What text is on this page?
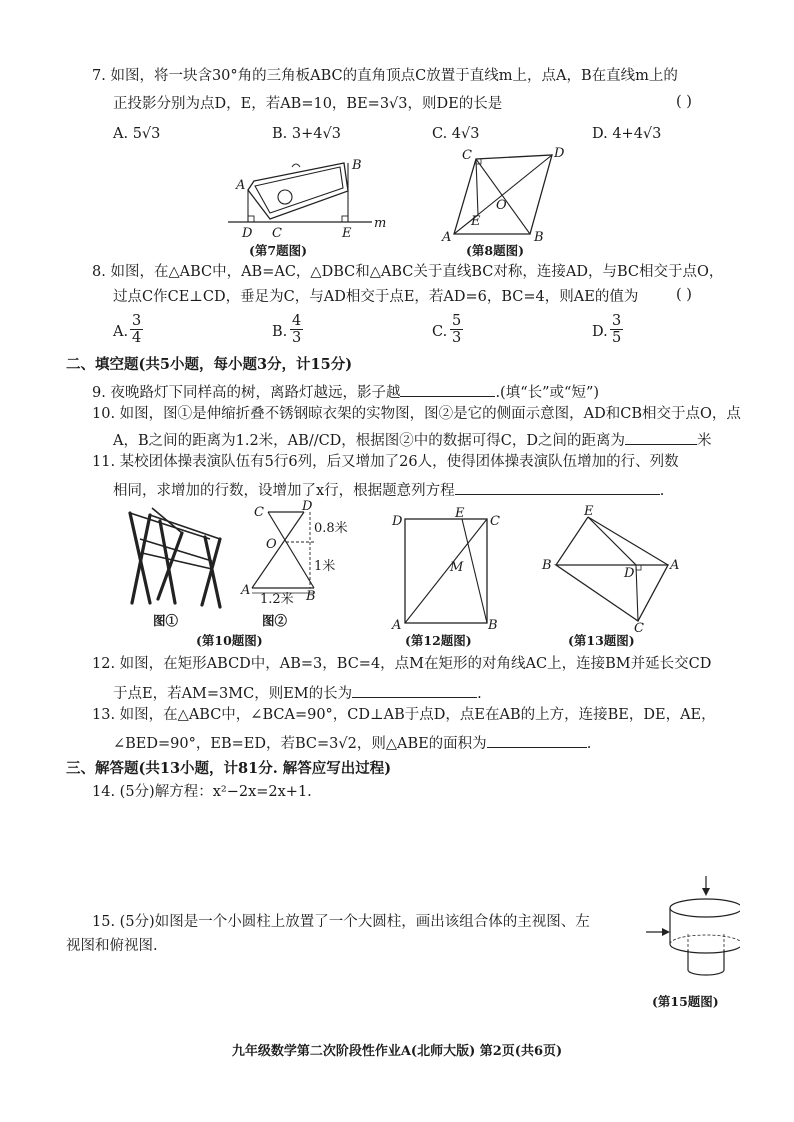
7. 如图，将一块含30°角的三角板ABC的直角顶点C放置于直线m上，点A，B在直线m上的
正投影分别为点D，E，若AB=10，BE=3√3，则DE的长是	( )
A. 5√3	B. 3+4√3	C. 4√3	D. 4+4√3
A
B
C
D	E
m
(第7题图)
C	D
A	B
E
O
(第8题图)
8. 如图，在△ABC中，AB=AC，△DBC和△ABC关于直线BC对称，连接AD，与BC相交于点O，
过点C作CE⊥CD，垂足为C，与AD相交于点E，若AD=6，BC=4，则AE的值为	( )
A. $\frac{3}{4}$	B. $\frac{4}{3}$	C. $\frac{5}{3}$	D. $\frac{3}{5}$
二、填空题(共5小题，每小题3分，计15分)
9. 夜晚路灯下同样高的树，离路灯越远，影子越	.(填“长”或“短”)
10. 如图，图①是伸缩折叠不锈钢晾衣架的实物图，图②是它的侧面示意图，AD和CB相交于点O，点
A，B之间的距离为1.2米，AB//CD，根据图②中的数据可得C，D之间的距离为	米
11. 某校团体操表演队伍有5行6列，后又增加了26人，使得团体操表演队伍增加的行、列数
相同，求增加的行数，设增加了x行，根据题意列方程	.
图①
C	D
O
A	B
0.8米
1米
1.2米
图②
(第10题图)
D	C
E
A	B
M
(第12题图)
E
B	A
D
C
(第13题图)
12. 如图，在矩形ABCD中，AB=3，BC=4，点M在矩形的对角线AC上，连接BM并延长交CD
于点E，若AM=3MC，则EM的长为	.
13. 如图，在△ABC中，∠BCA=90°，CD⊥AB于点D，点E在AB的上方，连接BE，DE，AE，
∠BED=90°，EB=ED，若BC=3√2，则△ABE的面积为	.
三、解答题(共13小题，计81分. 解答应写出过程)
14. (5分)解方程：x²−2x=2x+1.
15. (5分)如图是一个小圆柱上放置了一个大圆柱，画出该组合体的主视图、左
视图和俯视图.
(第15题图)
九年级数学第二次阶段性作业A(北师大版) 第2页(共6页)
